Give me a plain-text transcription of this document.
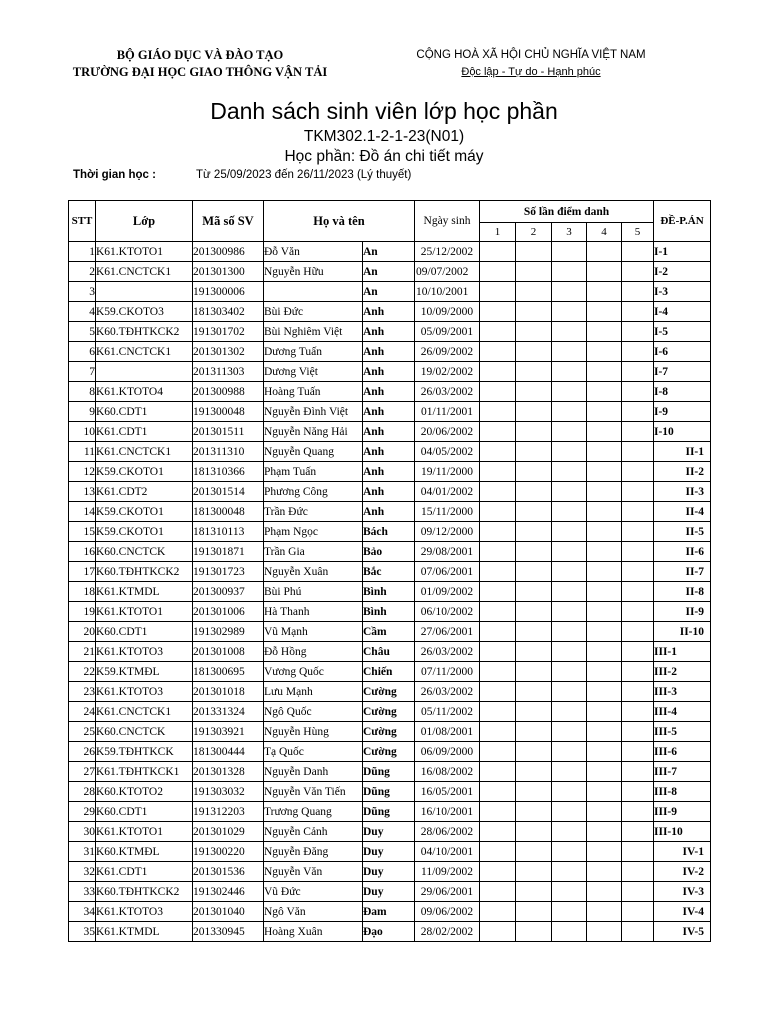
BỘ GIÁO DỤC VÀ ĐÀO TẠO
TRƯỜNG ĐẠI HỌC GIAO THÔNG VẬN TẢI
CỘNG HOÀ XÃ HỘI CHỦ NGHĨA VIỆT NAM
Độc lập - Tự do - Hạnh phúc
Danh sách sinh viên lớp học phần
TKM302.1-2-1-23(N01)
Học phần: Đồ án chi tiết máy
Thời gian học :	Từ 25/09/2023 đến 26/11/2023 (Lý thuyết)
STT	Lớp	Mã số SV	Họ và tên		Ngày sinh	Số lần điểm danh					ĐỀ-P.ÁN
						1	2	3	4	5	
1	K61.KTOTO1	201300986	Đỗ Văn	An	25/12/2002						I-1
2	K61.CNCTCK1	201301300	Nguyễn Hữu	An	09/07/2002						I-2
3		191300006		An	10/10/2001						I-3
4	K59.CKOTO3	181303402	Bùi Đức	Anh	10/09/2000						I-4
5	K60.TĐHTKCK2	191301702	Bùi Nghiêm Việt	Anh	05/09/2001						I-5
6	K61.CNCTCK1	201301302	Dương Tuấn	Anh	26/09/2002						I-6
7		201311303	Dương Việt	Anh	19/02/2002						I-7
8	K61.KTOTO4	201300988	Hoàng Tuấn	Anh	26/03/2002						I-8
9	K60.CDT1	191300048	Nguyễn Đình Việt	Anh	01/11/2001						I-9
10	K61.CDT1	201301511	Nguyễn Năng Hải	Anh	20/06/2002						I-10
11	K61.CNCTCK1	201311310	Nguyễn Quang	Anh	04/05/2002						II-1
12	K59.CKOTO1	181310366	Phạm Tuấn	Anh	19/11/2000						II-2
13	K61.CDT2	201301514	Phương Công	Anh	04/01/2002						II-3
14	K59.CKOTO1	181300048	Trần Đức	Anh	15/11/2000						II-4
15	K59.CKOTO1	181310113	Phạm Ngọc	Bách	09/12/2000						II-5
16	K60.CNCTCK	191301871	Trần Gia	Bảo	29/08/2001						II-6
17	K60.TĐHTKCK2	191301723	Nguyễn Xuân	Bắc	07/06/2001						II-7
18	K61.KTMDL	201300937	Bùi Phú	Bình	01/09/2002						II-8
19	K61.KTOTO1	201301006	Hà Thanh	Bình	06/10/2002						II-9
20	K60.CDT1	191302989	Vũ Mạnh	Cầm	27/06/2001						II-10
21	K61.KTOTO3	201301008	Đỗ Hồng	Châu	26/03/2002						III-1
22	K59.KTMĐL	181300695	Vương Quốc	Chiến	07/11/2000						III-2
23	K61.KTOTO3	201301018	Lưu Mạnh	Cường	26/03/2002						III-3
24	K61.CNCTCK1	201331324	Ngô Quốc	Cường	05/11/2002						III-4
25	K60.CNCTCK	191303921	Nguyễn Hùng	Cường	01/08/2001						III-5
26	K59.TĐHTKCK	181300444	Tạ Quốc	Cường	06/09/2000						III-6
27	K61.TĐHTKCK1	201301328	Nguyễn Danh	Dũng	16/08/2002						III-7
28	K60.KTOTO2	191303032	Nguyễn Văn Tiến	Dũng	16/05/2001						III-8
29	K60.CDT1	191312203	Trương Quang	Dũng	16/10/2001						III-9
30	K61.KTOTO1	201301029	Nguyễn Cảnh	Duy	28/06/2002						III-10
31	K60.KTMĐL	191300220	Nguyễn Đăng	Duy	04/10/2001						IV-1
32	K61.CDT1	201301536	Nguyễn Văn	Duy	11/09/2002						IV-2
33	K60.TĐHTKCK2	191302446	Vũ Đức	Duy	29/06/2001						IV-3
34	K61.KTOTO3	201301040	Ngô Văn	Đam	09/06/2002						IV-4
35	K61.KTMDL	201330945	Hoàng Xuân	Đạo	28/02/2002						IV-5
